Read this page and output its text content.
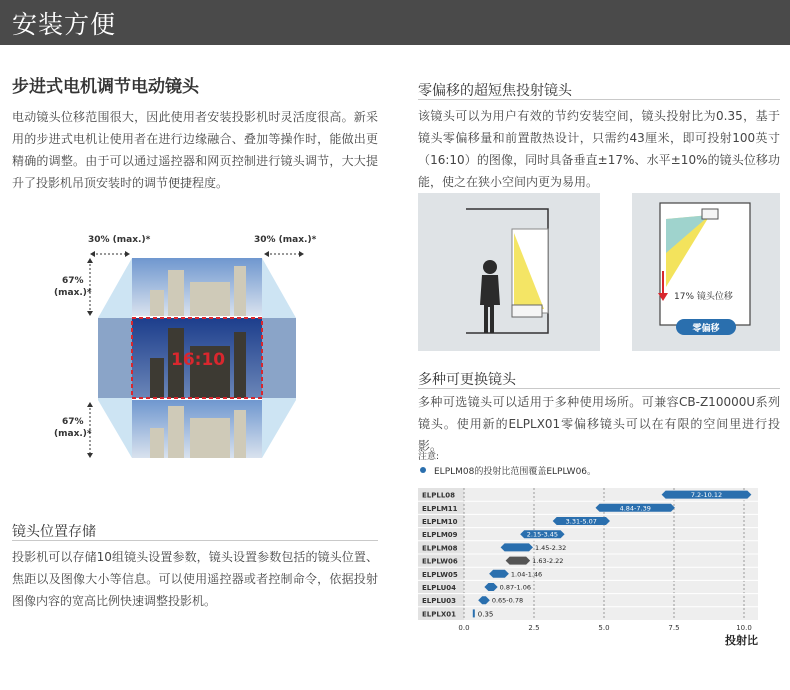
安装方便
步进式电机调节电动镜头
电动镜头位移范围很大，因此使用者安装投影机时灵活度很高。新采用的步进式电机让使用者在进行边缘融合、叠加等操作时，能做出更精确的调整。由于可以通过遥控器和网页控制进行镜头调节，大大提升了投影机吊顶安装时的调节便捷程度。
30% (max.)*	30% (max.)*
67%
(max.)*
67%
(max.)*
16:10
镜头位置存储
投影机可以存储10组镜头设置参数，镜头设置参数包括的镜头位置、焦距以及图像大小等信息。可以使用遥控器或者控制命令，依据投射图像内容的宽高比例快速调整投影机。
零偏移的超短焦投射镜头
该镜头可以为用户有效的节约安装空间，镜头投射比为0.35，基于镜头零偏移量和前置散热设计，只需约43厘米，即可投射100英寸（16:10）的图像，同时具备垂直±17%、水平±10%的镜头位移功能，使之在狭小空间内更为易用。
17% 镜头位移
零偏移
多种可更换镜头
多种可选镜头可以适用于多种使用场所。可兼容CB-Z10000U系列镜头。使用新的ELPLX01零偏移镜头可以在有限的空间里进行投影。
注意:
ELPLM08的投射比范围覆盖ELPLW06。
0.0	2.5	5.0	7.5	10.0
ELPLL08	7.2-10.12
ELPLM11	4.84-7.39
ELPLM10	3.31-5.07
ELPLM09	2.15-3.45
ELPLM08	1.45-2.32
ELPLW06	1.63-2.22
ELPLW05	1.04-1.46
ELPLU04	0.87-1.06
ELPLU03	0.65-0.78
ELPLX01	0.35
投射比
